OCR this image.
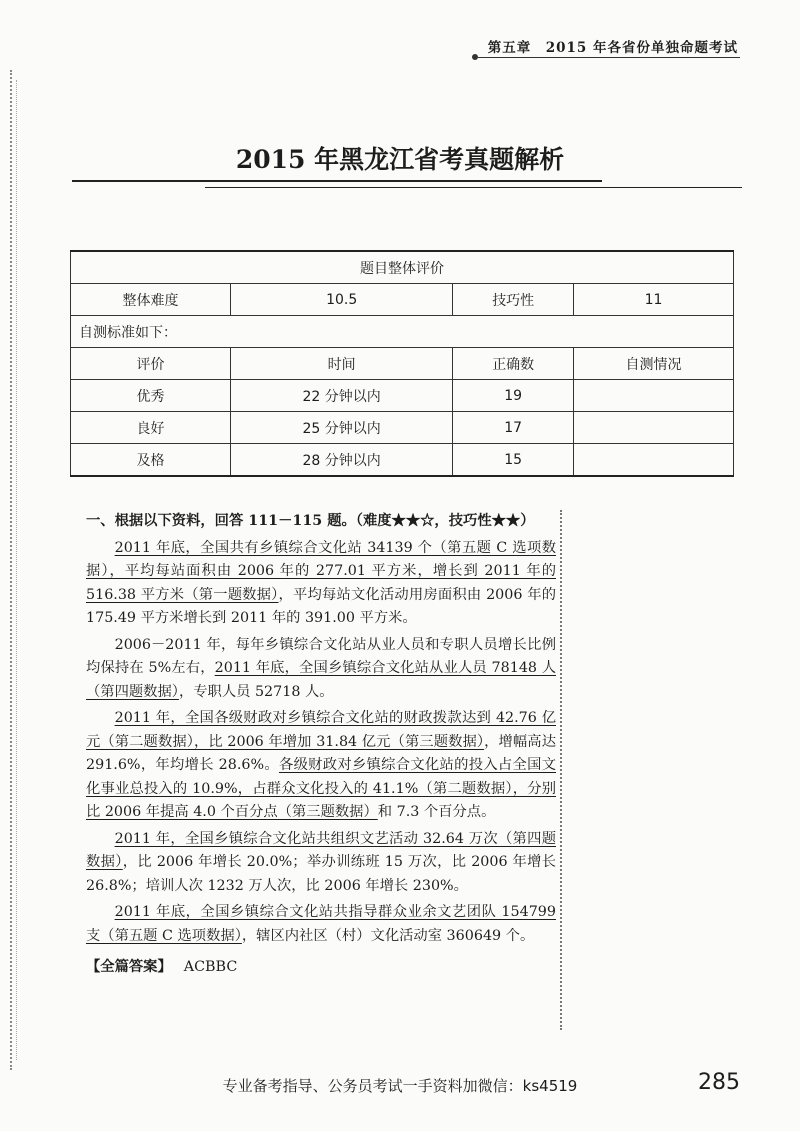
第五章　2015 年各省份单独命题考试
2015 年黑龙江省考真题解析
题目整体评价			
整体难度	10.5	技巧性	11
自测标准如下：			
评价	时间	正确数	自测情况
优秀	22 分钟以内	19	
良好	25 分钟以内	17	
及格	28 分钟以内	15	
一、根据以下资料，回答 111－115 题。（难度★★☆，技巧性★★）

2011 年底，全国共有乡镇综合文化站 34139 个（第五题 C 选项数据），平均每站面积由 2006 年的 277.01 平方米，增长到 2011 年的 516.38 平方米（第一题数据），平均每站文化活动用房面积由 2006 年的 175.49 平方米增长到 2011 年的 391.00 平方米。

2006－2011 年，每年乡镇综合文化站从业人员和专职人员增长比例均保持在 5%左右，2011 年底，全国乡镇综合文化站从业人员 78148 人（第四题数据），专职人员 52718 人。

2011 年，全国各级财政对乡镇综合文化站的财政拨款达到 42.76 亿元（第二题数据），比 2006 年增加 31.84 亿元（第三题数据），增幅高达 291.6%，年均增长 28.6%。各级财政对乡镇综合文化站的投入占全国文化事业总投入的 10.9%，占群众文化投入的 41.1%（第二题数据），分别比 2006 年提高 4.0 个百分点（第三题数据）和 7.3 个百分点。

2011 年，全国乡镇综合文化站共组织文艺活动 32.64 万次（第四题数据），比 2006 年增长 20.0%；举办训练班 15 万次，比 2006 年增长 26.8%；培训人次 1232 万人次，比 2006 年增长 230%。

2011 年底，全国乡镇综合文化站共指导群众业余文艺团队 154799 支（第五题 C 选项数据），辖区内社区（村）文化活动室 360649 个。

【全篇答案】 ACBBC
专业备考指导、公务员考试一手资料加微信：ks4519	285
